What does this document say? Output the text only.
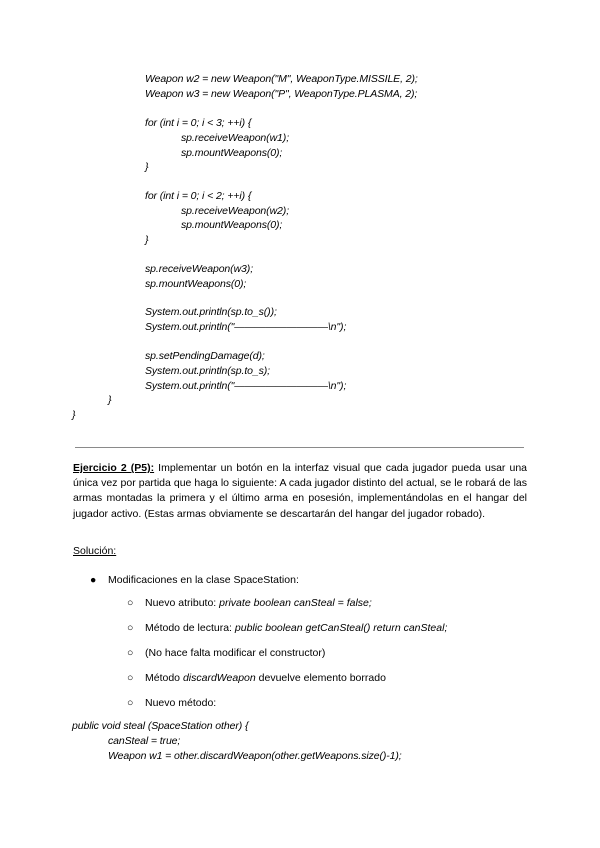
Weapon w2 = new Weapon("M", WeaponType.MISSILE, 2);
Weapon w3 = new Weapon("P", WeaponType.PLASMA, 2);
for (int i = 0; i < 3; ++i) {
sp.receiveWeapon(w1);
sp.mountWeapons(0);
}
for (int i = 0; i < 2; ++i) {
sp.receiveWeapon(w2);
sp.mountWeapons(0);
}
sp.receiveWeapon(w3);
sp.mountWeapons(0);
System.out.println(sp.to_s());
System.out.println("—————————\n");
sp.setPendingDamage(d);
System.out.println(sp.to_s);
System.out.println("—————————\n");
}
}
Ejercicio 2 (P5): Implementar un botón en la interfaz visual que cada jugador pueda usar una única vez por partida que haga lo siguiente: A cada jugador distinto del actual, se le robará de las armas montadas la primera y el último arma en posesión, implementándolas en el hangar del jugador activo. (Estas armas obviamente se descartarán del hangar del jugador robado).
Solución:
● Modificaciones en la clase SpaceStation:
○ Nuevo atributo: private boolean canSteal = false;
○ Método de lectura: public boolean getCanSteal() return canSteal;
○ (No hace falta modificar el constructor)
○ Método discardWeapon devuelve elemento borrado
○ Nuevo método:
public void steal (SpaceStation other) {
canSteal = true;
Weapon w1 = other.discardWeapon(other.getWeapons.size()-1);
